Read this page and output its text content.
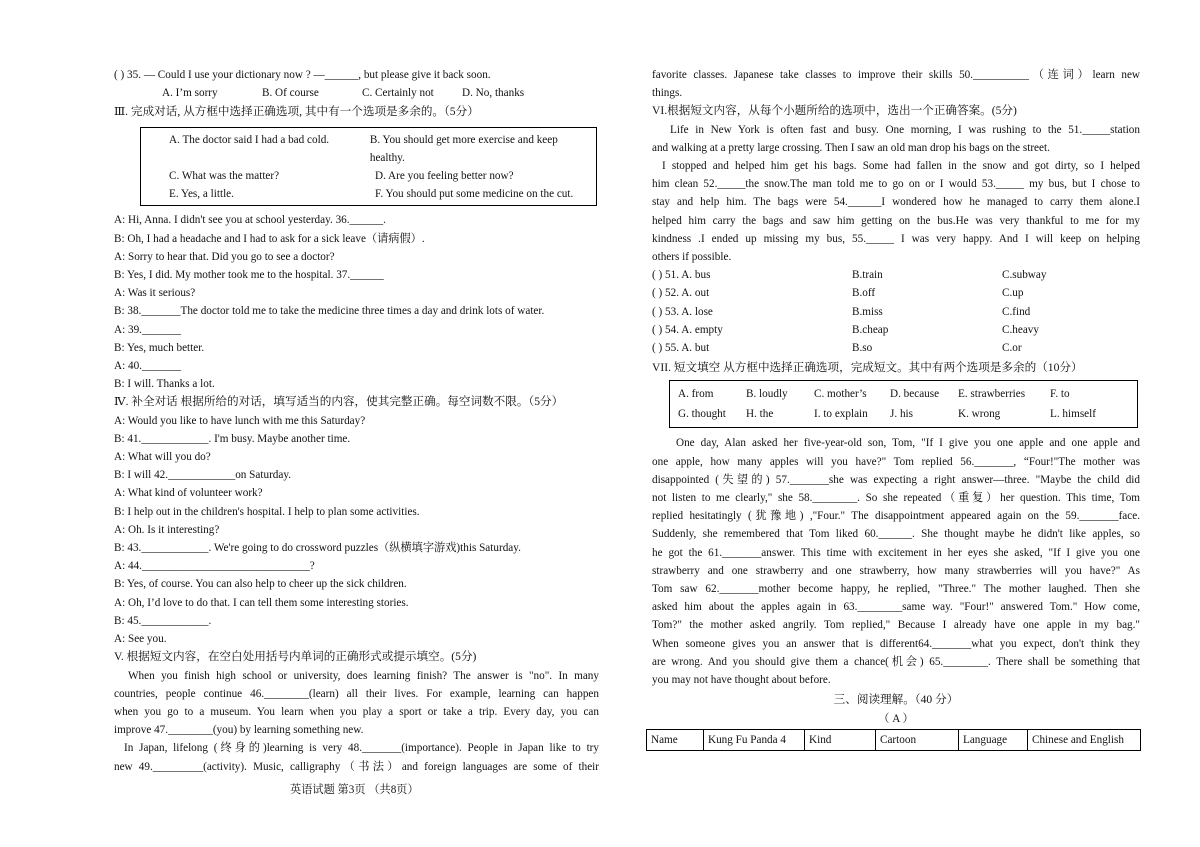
( ) 35. — Could I use your dictionary now ? —______, but please give it back soon.
A. I’m sorry	B. Of course	C. Certainly not	D. No, thanks
Ⅲ. 完成对话, 从方框中选择正确选项, 其中有一个选项是多余的。（5分）
A. The doctor said I had a bad cold.	B. You should get more exercise and keep healthy.
C. What was the matter?	D. Are you feeling better now?
E. Yes, a little.	F. You should put some medicine on the cut.
A: Hi, Anna. I didn't see you at school yesterday. 36.______.
B: Oh, I had a headache and I had to ask for a sick leave（请病假）.
A: Sorry to hear that. Did you go to see a doctor?
B: Yes, I did. My mother took me to the hospital. 37.______
A: Was it serious?
B: 38._______The doctor told me to take the medicine three times a day and drink lots of water.
A: 39._______
B: Yes, much better.
A: 40._______
B: I will. Thanks a lot.
Ⅳ. 补全对话 根据所给的对话，填写适当的内容，使其完整正确。每空词数不限。（5分）
A: Would you like to have lunch with me this Saturday?
B: 41.____________. I'm busy. Maybe another time.
A: What will you do?
B: I will 42.____________on Saturday.
A: What kind of volunteer work?
B: I help out in the children's hospital. I help to plan some activities.
A: Oh. Is it interesting?
B: 43.____________. We're going to do crossword puzzles（纵横填字游戏)this Saturday.
A: 44.______________________________?
B: Yes, of course. You can also help to cheer up the sick children.
A: Oh, I’d love to do that. I can tell them some interesting stories.
B: 45.____________.
A: See you.
V. 根据短文内容，在空白处用括号内单词的正确形式或提示填空。(5分)
When you finish high school or university, does learning finish? The answer is "no". In many
countries, people continue 46.________(learn) all their lives. For example, learning can happen
when you go to a museum. You learn when you play a sport or take a trip. Every day, you can
improve 47.________(you) by learning something new.
In Japan, lifelong (终身的)learning is very 48._______(importance). People in Japan like to try
new 49._________(activity). Music, calligraphy（书法）and foreign languages are some of their
英语试题 第3页 （共8页）
favorite classes. Japanese take classes to improve their skills 50.__________（连词）learn new
things.
VI.根据短文内容，从每个小题所给的选项中，选出一个正确答案。(5分)
Life in New York is often fast and busy. One morning, I was rushing to the 51._____station
and walking at a pretty large crossing. Then I saw an old man drop his bags on the street.
I stopped and helped him get his bags. Some had fallen in the snow and got dirty, so I helped
him clean 52._____the snow.The man told me to go on or I would 53._____ my bus, but I chose to
stay and help him. The bags were 54.______I wondered how he managed to carry them alone.I
helped him carry the bags and saw him getting on the bus.He was very thankful to me for my
kindness .I ended up missing my bus, 55._____ I was very happy. And I will keep on helping
others if possible.
( ) 51. A. bus	B.train	C.subway
( ) 52. A. out	B.off	C.up
( ) 53. A. lose	B.miss	C.find
( ) 54. A. empty	B.cheap	C.heavy
( ) 55. A. but	B.so	C.or
VII. 短文填空 从方框中选择正确选项，完成短文。其中有两个选项是多余的（10分）
A. from	B. loudly	C. mother’s	D. because	E. strawberries	F. to
G. thought	H. the	I. to explain	J. his	K. wrong	L. himself
One day, Alan asked her five-year-old son, Tom, "If I give you one apple and one apple and
one apple, how many apples will you have?" Tom replied 56._______, “Four!"The mother was
disappointed (失望的) 57._______she was expecting a right answer—three. "Maybe the child did
not listen to me clearly," she 58.________. So she repeated（重复）her question. This time, Tom
replied hesitatingly (犹豫地) ,"Four." The disappointment appeared again on the 59._______face.
Suddenly, she remembered that Tom liked 60.______. She thought maybe he didn't like apples, so
he got the 61._______answer. This time with excitement in her eyes she asked, "If I give you one
strawberry and one strawberry and one strawberry, how many strawberries will you have?" As
Tom saw 62._______mother become happy, he replied, "Three." The mother laughed. Then she
asked him about the apples again in 63.________same way. "Four!" answered Tom." How come,
Tom?" the mother asked angrily. Tom replied," Because I already have one apple in my bag."
When someone gives you an answer that is different64._______what you expect, don't think they
are wrong. And you should give them a chance(机会) 65.________. There shall be something that
you may not have thought about before.
三、阅读理解。（40 分）
（ A ）
Name	Kung Fu Panda 4	Kind	Cartoon	Language	Chinese and English
